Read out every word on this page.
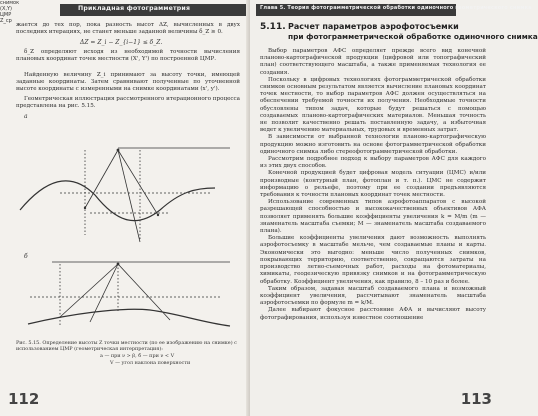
Прикладная фотограмметрия
жается до тех пор, пока разность высот ΔZ, вычисленных в двух последних итерациях, не станет меньше заданной величины δ_Z ≥ 0.
ΔZ = Z_i − Z_{i−1} ≤ δ_Z.
δ_Z определяют исходя из необходимой точности вычисления плановых координат точек местности (X', Y') по построенной ЦМР.
Найденную величину Z_i принимают за высоту точки, имеющей заданные координаты. Затем сравнивают полученные по уточненной высоте координаты с измеренными на снимке координатами (x', y').
Геометрическая иллюстрация рассмотренного итерационного процесса представлена на рис. 5.15.
a
снимок
(X,Y)
ЦМР
Z_ср
б
Рис. 5.15. Определение высоты Z точки местности (по ее изображению на снимке) с использованием ЦМР (геометрическая интерпретация):
а — при ν > β, б — при ν < V
V — угол наклона поверхности
112
Глава 5. Теория фотограмметрической обработки одиночного геометрического снимка
5.11. Расчет параметров аэрофотосъемки
при фотограмметрической обработке одиночного снимка

Выбор параметров АФС определяет прежде всего вид конечной планово-картографической продукции (цифровой или топографический план) соответствующего масштаба, а также применяемая технология ее создания.

Поскольку в цифровых технологиях фотограмметрической обработки снимков основным результатом является вычисление плановых координат точек местности, то выбор параметров АФС должен осуществляться на обеспечении требуемой точности их получения. Необходимые точности обусловлены типом задач, которые будут решаться с помощью создаваемых планово-картографических материалов. Меньшая точность не позволит качественно решать поставленную задачу, а избыточная ведет к увеличению материальных, трудовых и временных затрат.

В зависимости от выбранной технологии планово-картографическую продукцию можно изготовить на основе фотограмметрической обработки одиночного снимка либо стереофотограмметрической обработки.

Рассмотрим подробнее подход к выбору параметров АФС для каждого из этих двух способов.

Конечной продукцией будет цифровая модель ситуации (ЦМС) и/или производные (контурный план, фотоплан и т. п.). ЦМС не содержит информацию о рельефе, поэтому при ее создании предъявляются требования к точности плановых координат точек местности.

Использование современных типов аэрофотоаппаратов с высокой разрешающей способностью и высококачественных объективов АФА позволяет применять большие коэффициенты увеличения k = M/m (m — знаменатель масштаба съемки; M — знаменатель масштаба создаваемого плана).

Большие коэффициенты увеличения дают возможность выполнять аэрофотосъемку в масштабе мельче, чем создаваемые планы и карты. Экономически это выгодно: меньше число полученных снимков, покрывающих территорию, соответственно, сокращаются затраты на производство летно-съемочных работ, расходы на фотоматериалы, химикаты, геодезическую привязку снимков и на фотограмметрическую обработку. Коэффициент увеличения, как правило, 8 – 10 раз и более.

Таким образом, задавая масштаб создаваемого плана и возможный коэффициент увеличения, рассчитывают знаменатель масштаба аэрофотосъемки по формуле m = k/M.

Далее выбирают фокусное расстояние АФА и вычисляют высоту фотографирования, используя известное соотношение

113
